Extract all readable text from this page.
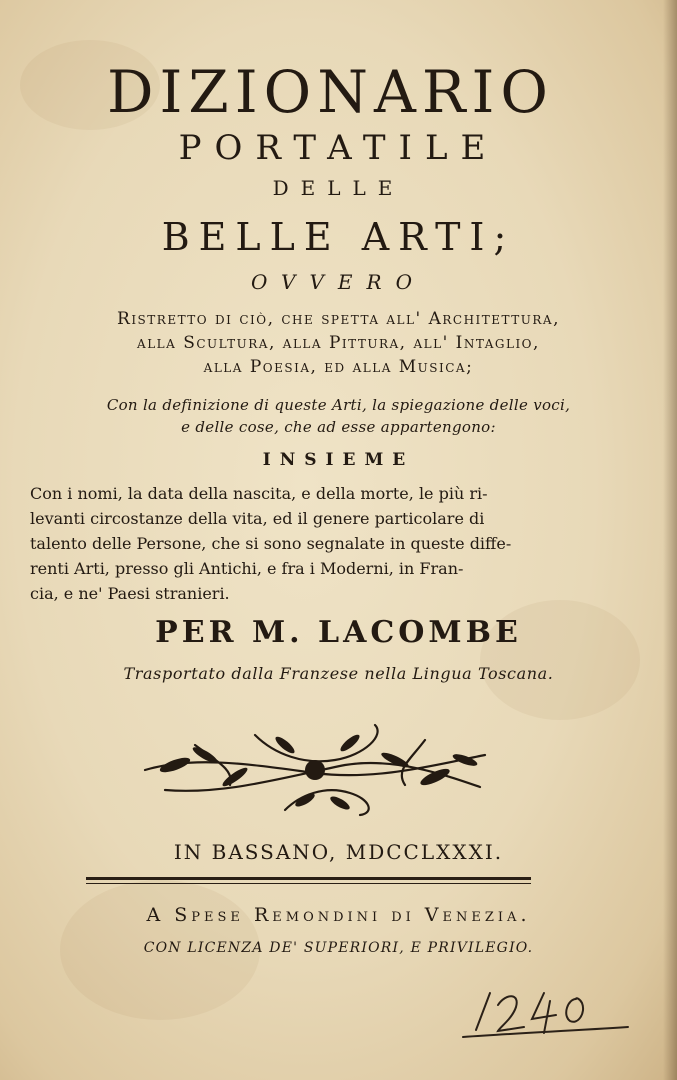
DIZIONARIO
PORTATILE
DELLE
BELLE ARTI;
OVVERO
Ristretto di ciò, che spetta all' Architettura,
alla Scultura, alla Pittura, all' Intaglio,
alla Poesia, ed alla Musica;
Con la definizione di queste Arti, la spiegazione delle voci,
e delle cose, che ad esse appartengono:
INSIEME
Con i nomi, la data della nascita, e della morte, le più ri-
levanti circostanze della vita, ed il genere particolare di
talento delle Persone, che si sono segnalate in queste diffe-
renti Arti, presso gli Antichi, e fra i Moderni, in Fran-
cia, e ne' Paesi stranieri.
PER M. LACOMBE
Trasportato dalla Franzese nella Lingua Toscana.
IN BASSANO, MDCCLXXXI.
A Spese Remondini di Venezia.
CON LICENZA DE' SUPERIORI, E PRIVILEGIO.
